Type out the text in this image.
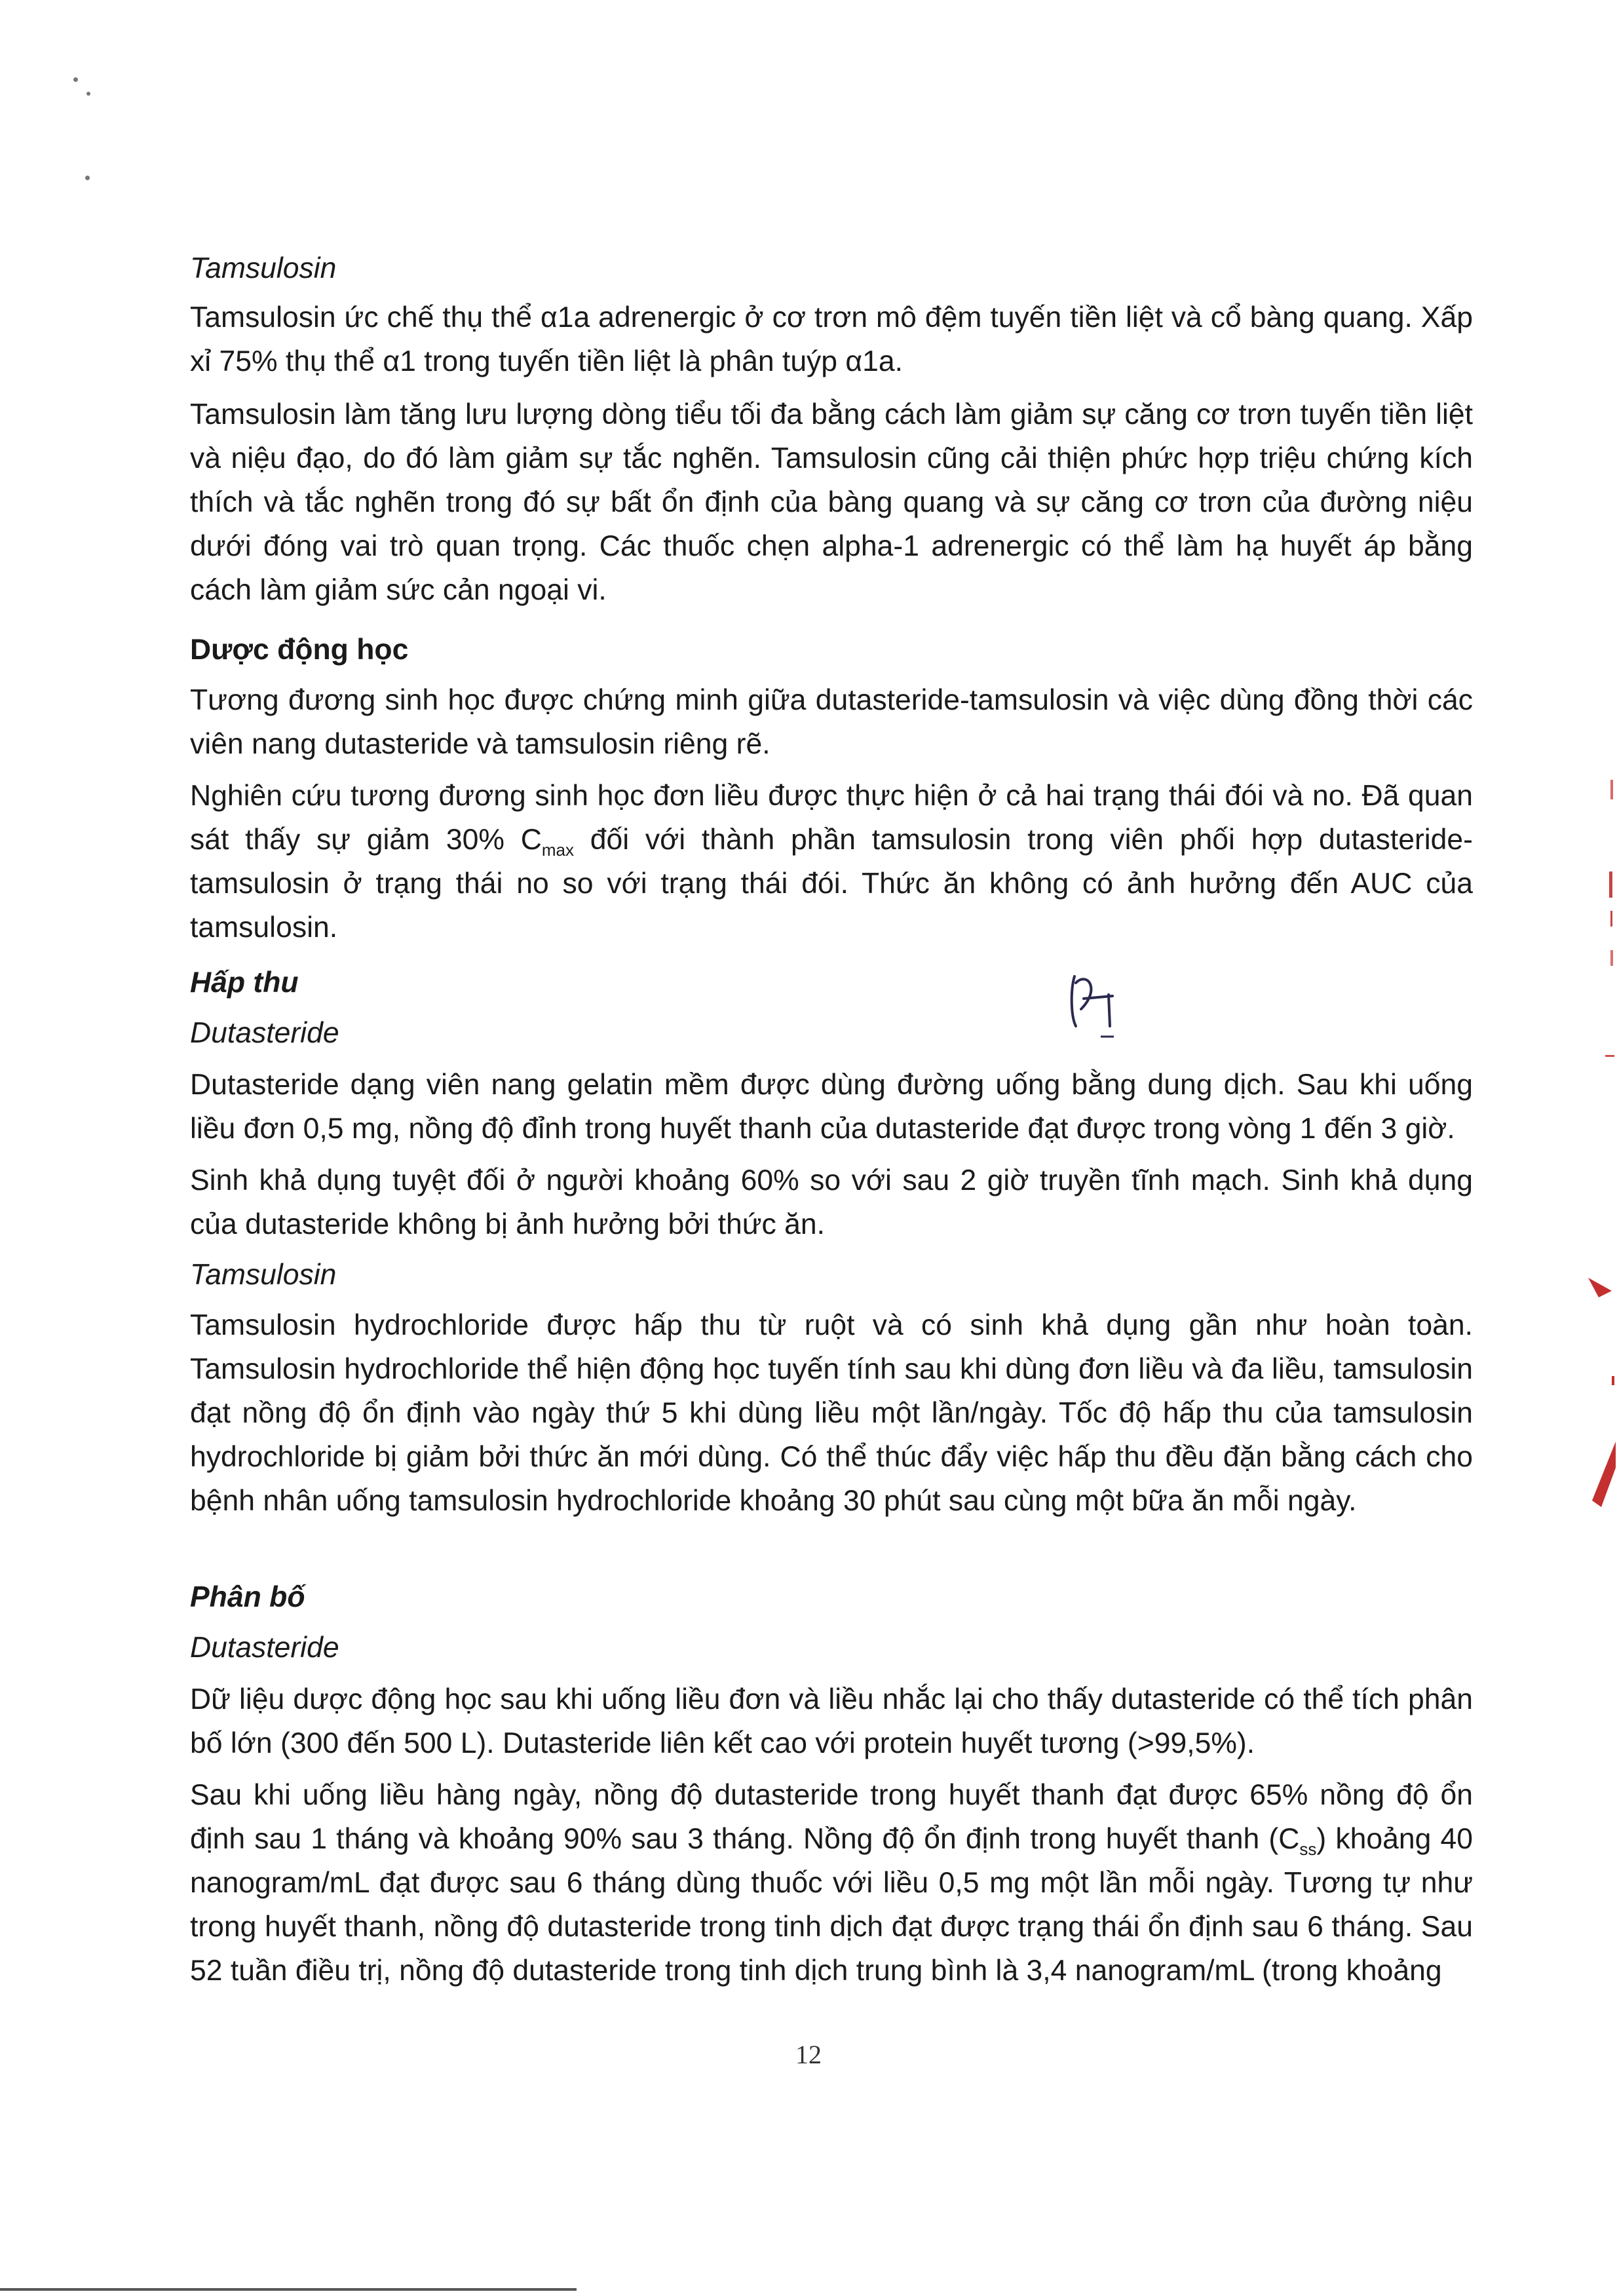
Tamsulosin

Tamsulosin ức chế thụ thể α1a adrenergic ở cơ trơn mô đệm tuyến tiền liệt và cổ bàng quang. Xấp xỉ 75% thụ thể α1 trong tuyến tiền liệt là phân tuýp α1a.

Tamsulosin làm tăng lưu lượng dòng tiểu tối đa bằng cách làm giảm sự căng cơ trơn tuyến tiền liệt và niệu đạo, do đó làm giảm sự tắc nghẽn. Tamsulosin cũng cải thiện phức hợp triệu chứng kích thích và tắc nghẽn trong đó sự bất ổn định của bàng quang và sự căng cơ trơn của đường niệu dưới đóng vai trò quan trọng. Các thuốc chẹn alpha-1 adrenergic có thể làm hạ huyết áp bằng cách làm giảm sức cản ngoại vi.

Dược động học

Tương đương sinh học được chứng minh giữa dutasteride-tamsulosin và việc dùng đồng thời các viên nang dutasteride và tamsulosin riêng rẽ.

Nghiên cứu tương đương sinh học đơn liều được thực hiện ở cả hai trạng thái đói và no. Đã quan sát thấy sự giảm 30% $C_{max}$ đối với thành phần tamsulosin trong viên phối hợp dutasteride-tamsulosin ở trạng thái no so với trạng thái đói. Thức ăn không có ảnh hưởng đến AUC của tamsulosin.

Hấp thu

Dutasteride

Dutasteride dạng viên nang gelatin mềm được dùng đường uống bằng dung dịch. Sau khi uống liều đơn 0,5 mg, nồng độ đỉnh trong huyết thanh của dutasteride đạt được trong vòng 1 đến 3 giờ.

Sinh khả dụng tuyệt đối ở người khoảng 60% so với sau 2 giờ truyền tĩnh mạch. Sinh khả dụng của dutasteride không bị ảnh hưởng bởi thức ăn.

Tamsulosin

Tamsulosin hydrochloride được hấp thu từ ruột và có sinh khả dụng gần như hoàn toàn. Tamsulosin hydrochloride thể hiện động học tuyến tính sau khi dùng đơn liều và đa liều, tamsulosin đạt nồng độ ổn định vào ngày thứ 5 khi dùng liều một lần/ngày. Tốc độ hấp thu của tamsulosin hydrochloride bị giảm bởi thức ăn mới dùng. Có thể thúc đẩy việc hấp thu đều đặn bằng cách cho bệnh nhân uống tamsulosin hydrochloride khoảng 30 phút sau cùng một bữa ăn mỗi ngày.

Phân bố

Dutasteride

Dữ liệu dược động học sau khi uống liều đơn và liều nhắc lại cho thấy dutasteride có thể tích phân bố lớn (300 đến 500 L). Dutasteride liên kết cao với protein huyết tương (>99,5%).

Sau khi uống liều hàng ngày, nồng độ dutasteride trong huyết thanh đạt được 65% nồng độ ổn định sau 1 tháng và khoảng 90% sau 3 tháng. Nồng độ ổn định trong huyết thanh $(C_{ss})$ khoảng 40 nanogram/mL đạt được sau 6 tháng dùng thuốc với liều 0,5 mg một lần mỗi ngày. Tương tự như trong huyết thanh, nồng độ dutasteride trong tinh dịch đạt được trạng thái ổn định sau 6 tháng. Sau 52 tuần điều trị, nồng độ dutasteride trong tinh dịch trung bình là 3,4 nanogram/mL (trong khoảng

12
